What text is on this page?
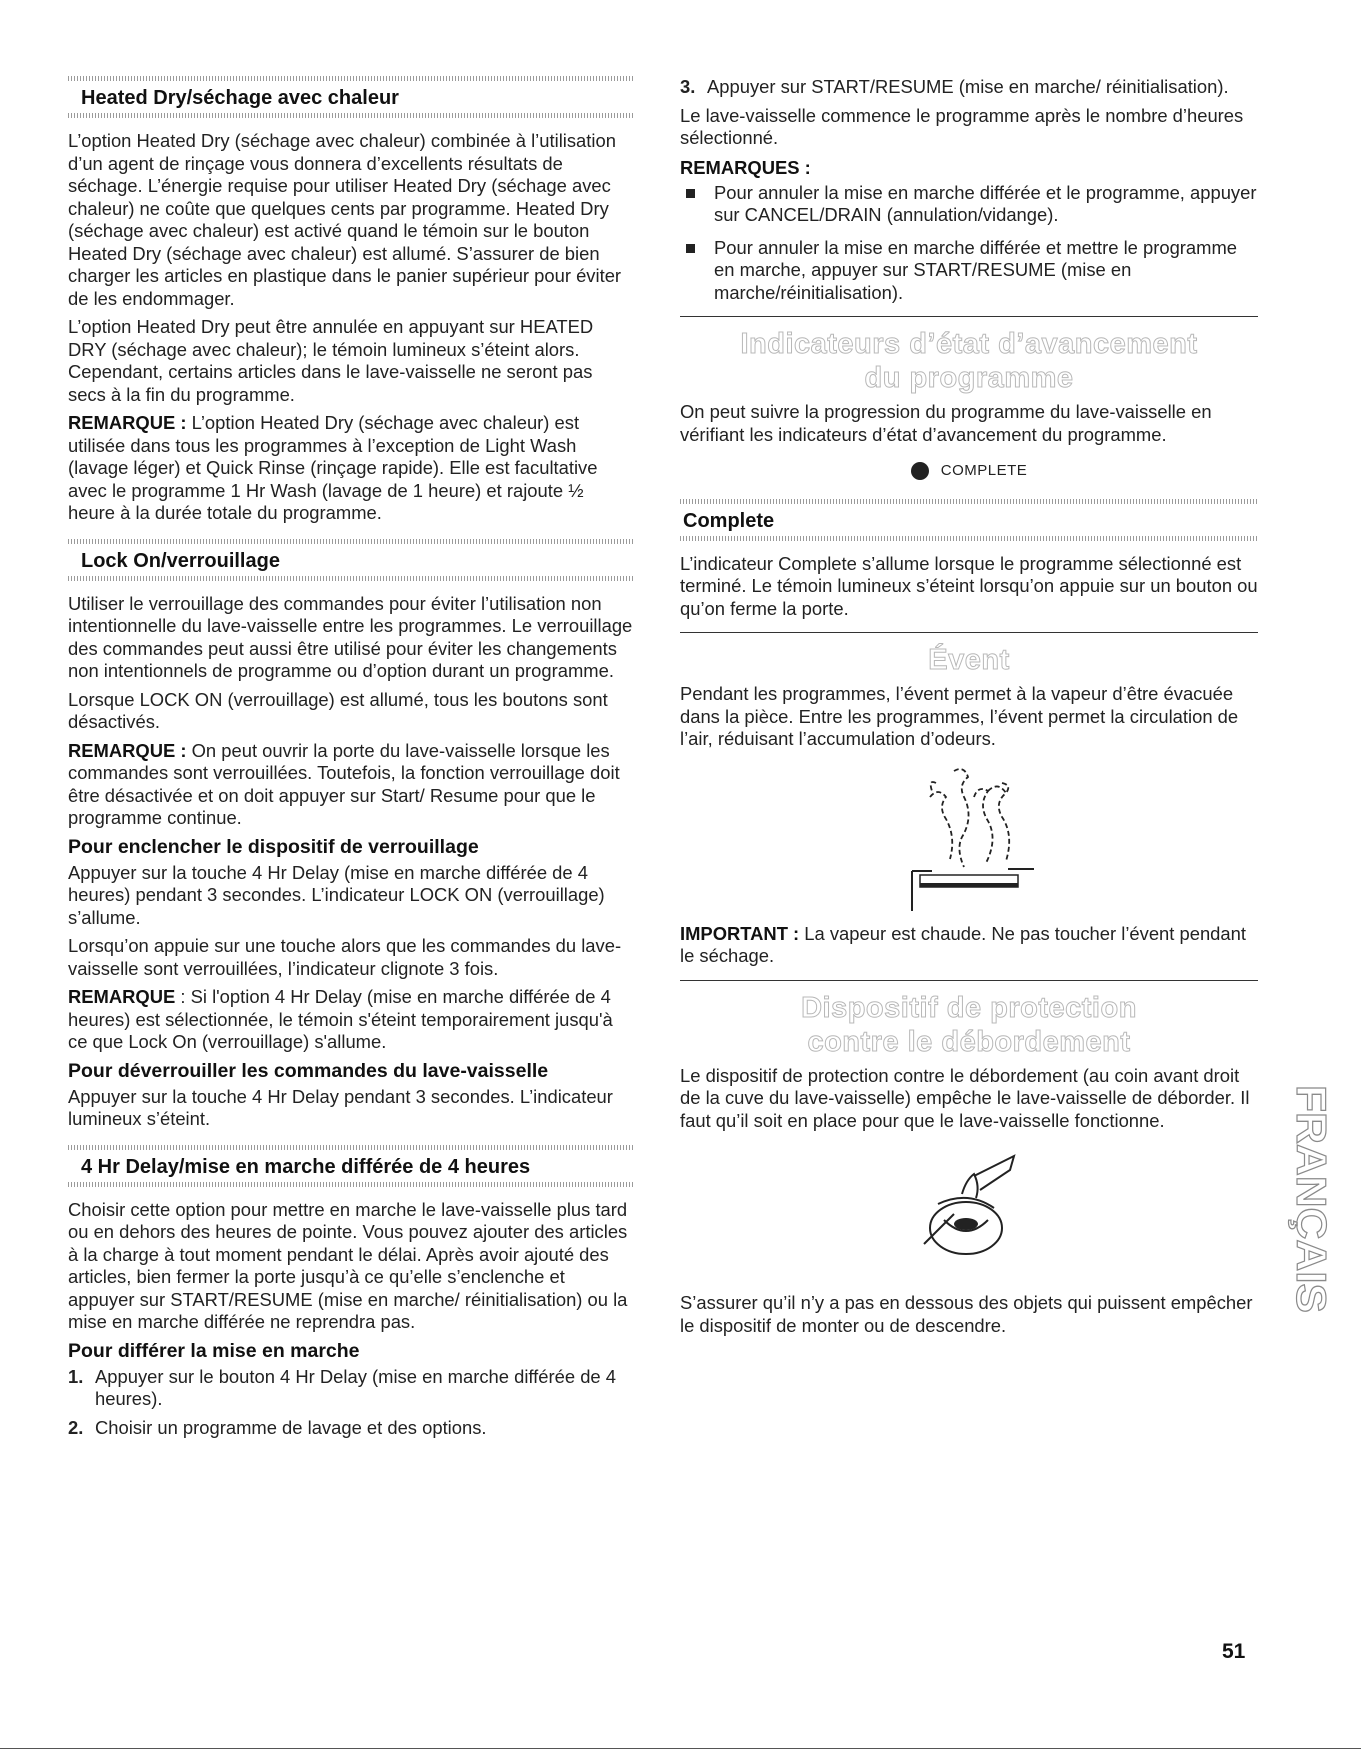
Heated Dry/séchage avec chaleur

L’option Heated Dry (séchage avec chaleur) combinée à l’utilisation d’un agent de rinçage vous donnera d’excellents résultats de séchage. L’énergie requise pour utiliser Heated Dry (séchage avec chaleur) ne coûte que quelques cents par programme. Heated Dry (séchage avec chaleur) est activé quand le témoin sur le bouton Heated Dry (séchage avec chaleur) est allumé. S’assurer de bien charger les articles en plastique dans le panier supérieur pour éviter de les endommager.

L’option Heated Dry peut être annulée en appuyant sur HEATED DRY (séchage avec chaleur); le témoin lumineux s’éteint alors. Cependant, certains articles dans le lave-vaisselle ne seront pas secs à la fin du programme.

REMARQUE : L’option Heated Dry (séchage avec chaleur) est utilisée dans tous les programmes à l’exception de Light Wash (lavage léger) et Quick Rinse (rinçage rapide). Elle est facultative avec le programme 1 Hr Wash (lavage de 1 heure) et rajoute ½ heure à la durée totale du programme.

Lock On/verrouillage

Utiliser le verrouillage des commandes pour éviter l’utilisation non intentionnelle du lave-vaisselle entre les programmes. Le verrouillage des commandes peut aussi être utilisé pour éviter les changements non intentionnels de programme ou d’option durant un programme.

Lorsque LOCK ON (verrouillage) est allumé, tous les boutons sont désactivés.

REMARQUE : On peut ouvrir la porte du lave-vaisselle lorsque les commandes sont verrouillées. Toutefois, la fonction verrouillage doit être désactivée et on doit appuyer sur Start/ Resume pour que le programme continue.

Pour enclencher le dispositif de verrouillage

Appuyer sur la touche 4 Hr Delay (mise en marche différée de 4 heures) pendant 3 secondes. L’indicateur LOCK ON (verrouillage) s’allume.

Lorsqu’on appuie sur une touche alors que les commandes du lave-vaisselle sont verrouillées, l’indicateur clignote 3 fois.

REMARQUE : Si l'option 4 Hr Delay (mise en marche différée de 4 heures) est sélectionnée, le témoin s'éteint temporairement jusqu'à ce que Lock On (verrouillage) s'allume.

Pour déverrouiller les commandes du lave-vaisselle

Appuyer sur la touche 4 Hr Delay pendant 3 secondes. L’indicateur lumineux s’éteint.

4 Hr Delay/mise en marche différée de 4 heures

Choisir cette option pour mettre en marche le lave-vaisselle plus tard ou en dehors des heures de pointe. Vous pouvez ajouter des articles à la charge à tout moment pendant le délai. Après avoir ajouté des articles, bien fermer la porte jusqu’à ce qu’elle s’enclenche et appuyer sur START/RESUME (mise en marche/ réinitialisation) ou la mise en marche différée ne reprendra pas.

Pour différer la mise en marche
1. Appuyer sur le bouton 4 Hr Delay (mise en marche différée de 4 heures).
2. Choisir un programme de lavage et des options.
3. Appuyer sur START/RESUME (mise en marche/ réinitialisation).

Le lave-vaisselle commence le programme après le nombre d’heures sélectionné.

REMARQUES :
Pour annuler la mise en marche différée et le programme, appuyer sur CANCEL/DRAIN (annulation/vidange).
Pour annuler la mise en marche différée et mettre le programme en marche, appuyer sur START/RESUME (mise en marche/réinitialisation).
Indicateurs d’état d’avancement
du programme

On peut suivre la progression du programme du lave-vaisselle en vérifiant les indicateurs d’état d’avancement du programme.

COMPLETE
Complete

L’indicateur Complete s’allume lorsque le programme sélectionné est terminé. Le témoin lumineux s’éteint lorsqu’on appuie sur un bouton ou qu’on ferme la porte.

Évent

Pendant les programmes, l’évent permet à la vapeur d’être évacuée dans la pièce. Entre les programmes, l’évent permet la circulation de l’air, réduisant l’accumulation d’odeurs.

IMPORTANT : La vapeur est chaude. Ne pas toucher l’évent pendant le séchage.

Dispositif de protection
contre le débordement

Le dispositif de protection contre le débordement (au coin avant droit de la cuve du lave-vaisselle) empêche le lave-vaisselle de déborder. Il faut qu’il soit en place pour que le lave-vaisselle fonctionne.

S’assurer qu’il n’y a pas en dessous des objets qui puissent empêcher le dispositif de monter ou de descendre.

FRANÇAIS
51
